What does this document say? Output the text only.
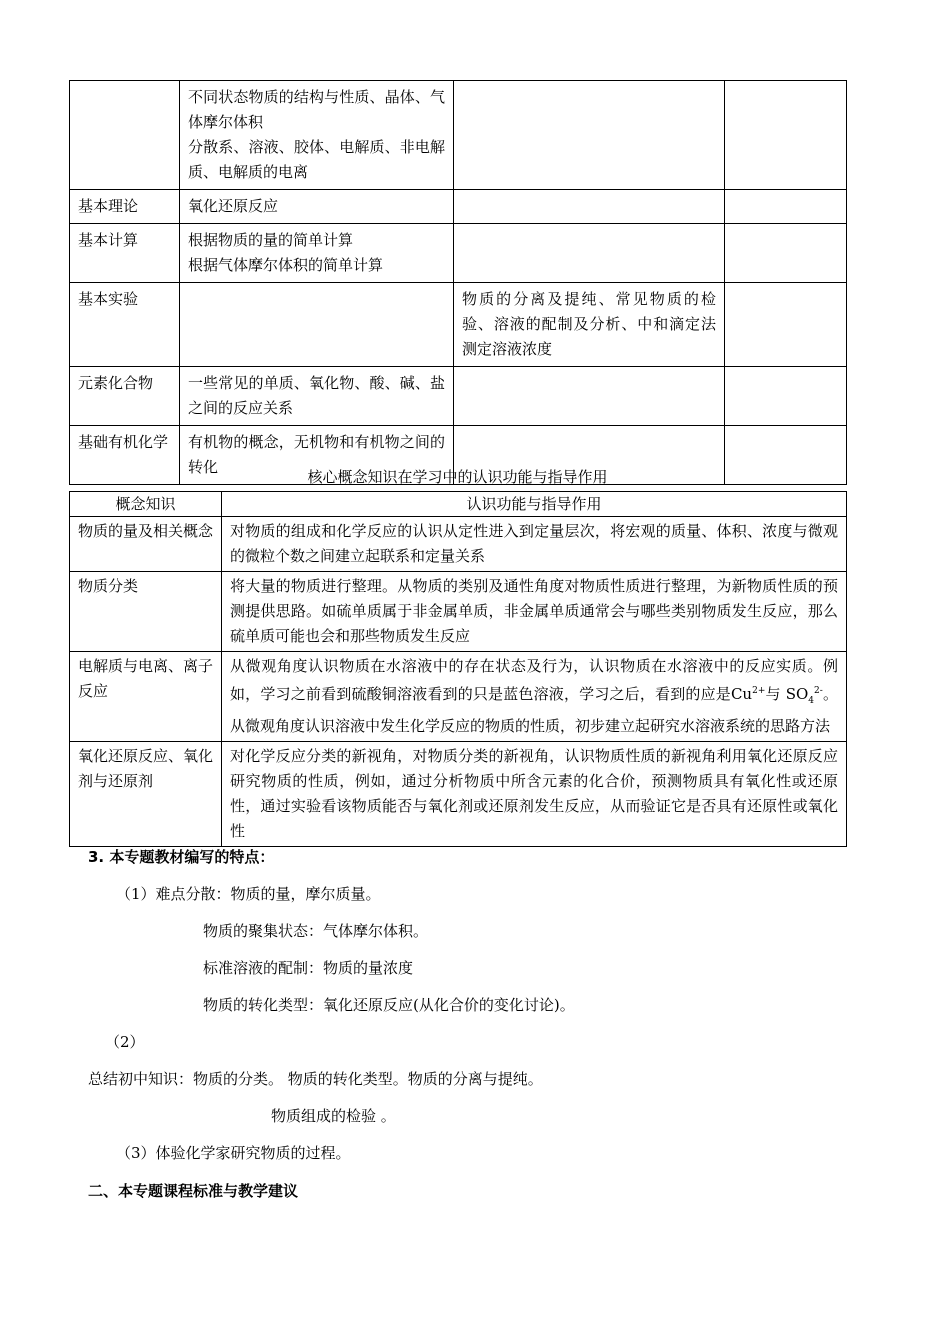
	不同状态物质的结构与性质、晶体、气体摩尔体积
分散系、溶液、胶体、电解质、非电解质、电解质的电离		
基本理论	氧化还原反应		
基本计算	根据物质的量的简单计算
根据气体摩尔体积的简单计算		
基本实验		物质的分离及提纯、常见物质的检验、溶液的配制及分析、中和滴定法测定溶液浓度	
元素化合物	一些常见的单质、氧化物、酸、碱、盐之间的反应关系		
基础有机化学	有机物的概念，无机物和有机物之间的转化		
核心概念知识在学习中的认识功能与指导作用
概念知识	认识功能与指导作用
物质的量及相关概念	对物质的组成和化学反应的认识从定性进入到定量层次，将宏观的质量、体积、浓度与微观的微粒个数之间建立起联系和定量关系
物质分类	将大量的物质进行整理。从物质的类别及通性角度对物质性质进行整理，为新物质性质的预测提供思路。如硫单质属于非金属单质，非金属单质通常会与哪些类别物质发生反应，那么硫单质可能也会和那些物质发生反应
电解质与电离、离子反应	从微观角度认识物质在水溶液中的存在状态及行为，认识物质在水溶液中的反应实质。例如，学习之前看到硫酸铜溶液看到的只是蓝色溶液，学习之后，看到的应是$Cu^{2+}$与 $SO_4^{2-}$。从微观角度认识溶液中发生化学反应的物质的性质，初步建立起研究水溶液系统的思路方法
氧化还原反应、氧化剂与还原剂	对化学反应分类的新视角，对物质分类的新视角，认识物质性质的新视角利用氧化还原反应研究物质的性质，例如，通过分析物质中所含元素的化合价，预测物质具有氧化性或还原性，通过实验看该物质能否与氧化剂或还原剂发生反应，从而验证它是否具有还原性或氧化性
3. 本专题教材编写的特点：
（1）难点分散：物质的量，摩尔质量。
物质的聚集状态：气体摩尔体积。
标准溶液的配制：物质的量浓度
物质的转化类型：氧化还原反应(从化合价的变化讨论)。
（2）
总结初中知识：物质的分类。 物质的转化类型。物质的分离与提纯。
物质组成的检验 。
（3）体验化学家研究物质的过程。
二、本专题课程标准与教学建议
